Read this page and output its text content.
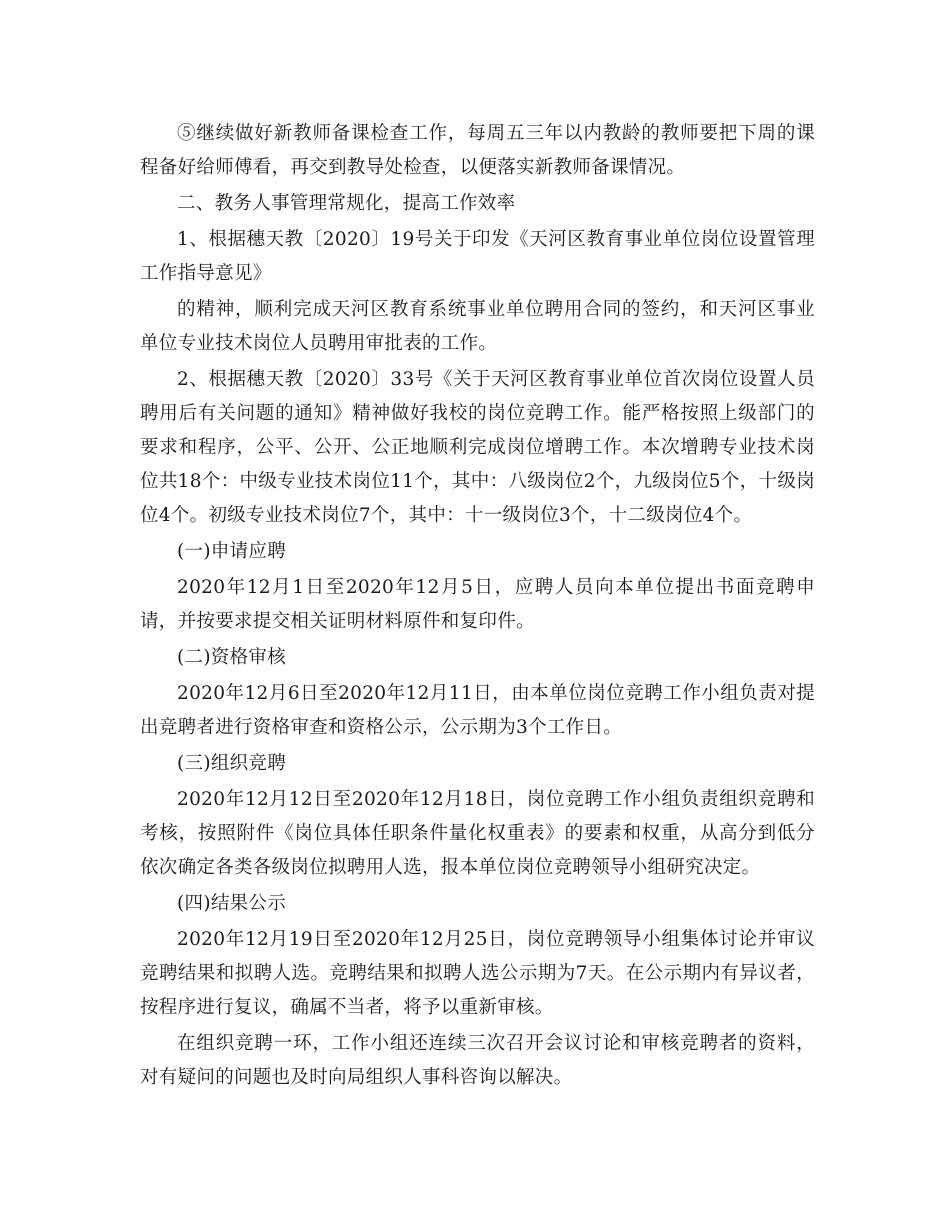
⑤继续做好新教师备课检查工作，每周五三年以内教龄的教师要把下周的课程备好给师傅看，再交到教导处检查，以便落实新教师备课情况。

二、教务人事管理常规化，提高工作效率

1、根据穗天教〔2020〕19号关于印发《天河区教育事业单位岗位设置管理工作指导意见》

的精神，顺利完成天河区教育系统事业单位聘用合同的签约，和天河区事业单位专业技术岗位人员聘用审批表的工作。

2、根据穗天教〔2020〕33号《关于天河区教育事业单位首次岗位设置人员聘用后有关问题的通知》精神做好我校的岗位竞聘工作。能严格按照上级部门的要求和程序，公平、公开、公正地顺利完成岗位增聘工作。本次增聘专业技术岗位共18个：中级专业技术岗位11个，其中：八级岗位2个，九级岗位5个，十级岗位4个。初级专业技术岗位7个，其中：十一级岗位3个，十二级岗位4个。

(一)申请应聘

2020年12月1日至2020年12月5日，应聘人员向本单位提出书面竞聘申请，并按要求提交相关证明材料原件和复印件。

(二)资格审核

2020年12月6日至2020年12月11日，由本单位岗位竞聘工作小组负责对提出竞聘者进行资格审查和资格公示，公示期为3个工作日。

(三)组织竞聘

2020年12月12日至2020年12月18日，岗位竞聘工作小组负责组织竞聘和考核，按照附件《岗位具体任职条件量化权重表》的要素和权重，从高分到低分依次确定各类各级岗位拟聘用人选，报本单位岗位竞聘领导小组研究决定。

(四)结果公示

2020年12月19日至2020年12月25日，岗位竞聘领导小组集体讨论并审议竞聘结果和拟聘人选。竞聘结果和拟聘人选公示期为7天。在公示期内有异议者，按程序进行复议，确属不当者，将予以重新审核。

在组织竞聘一环，工作小组还连续三次召开会议讨论和审核竞聘者的资料，对有疑问的问题也及时向局组织人事科咨询以解决。
